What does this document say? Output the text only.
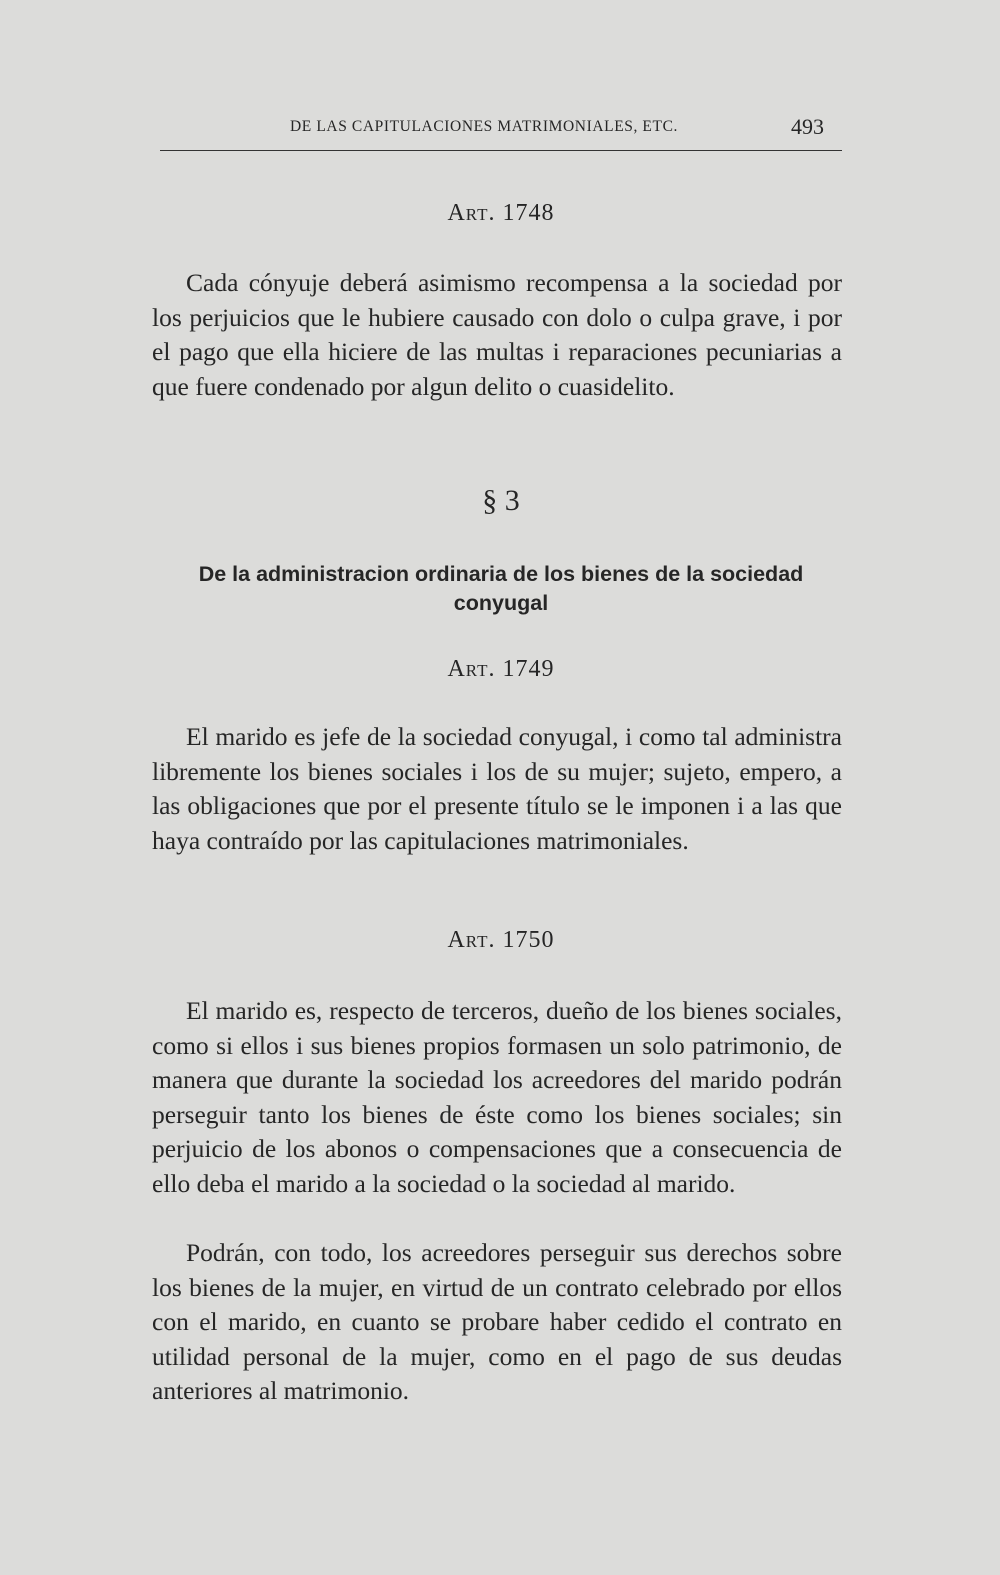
DE LAS CAPITULACIONES MATRIMONIALES, ETC.	493
Art. 1748
Cada cónyuje deberá asimismo recompensa a la sociedad por los perjuicios que le hubiere causado con dolo o culpa grave, i por el pago que ella hiciere de las multas i reparaciones pecuniarias a que fuere condenado por algun delito o cuasidelito.
§ 3
De la administracion ordinaria de los bienes de la sociedad conyugal
Art. 1749
El marido es jefe de la sociedad conyugal, i como tal administra libremente los bienes sociales i los de su mujer; sujeto, empero, a las obligaciones que por el presente título se le imponen i a las que haya contraído por las capitulaciones matrimoniales.
Art. 1750
El marido es, respecto de terceros, dueño de los bienes sociales, como si ellos i sus bienes propios formasen un solo patrimonio, de manera que durante la sociedad los acreedores del marido podrán perseguir tanto los bienes de éste como los bienes sociales; sin perjuicio de los abonos o compensaciones que a consecuencia de ello deba el marido a la sociedad o la sociedad al marido.
Podrán, con todo, los acreedores perseguir sus derechos sobre los bienes de la mujer, en virtud de un contrato celebrado por ellos con el marido, en cuanto se probare haber cedido el contrato en utilidad personal de la mujer, como en el pago de sus deudas anteriores al matrimonio.
